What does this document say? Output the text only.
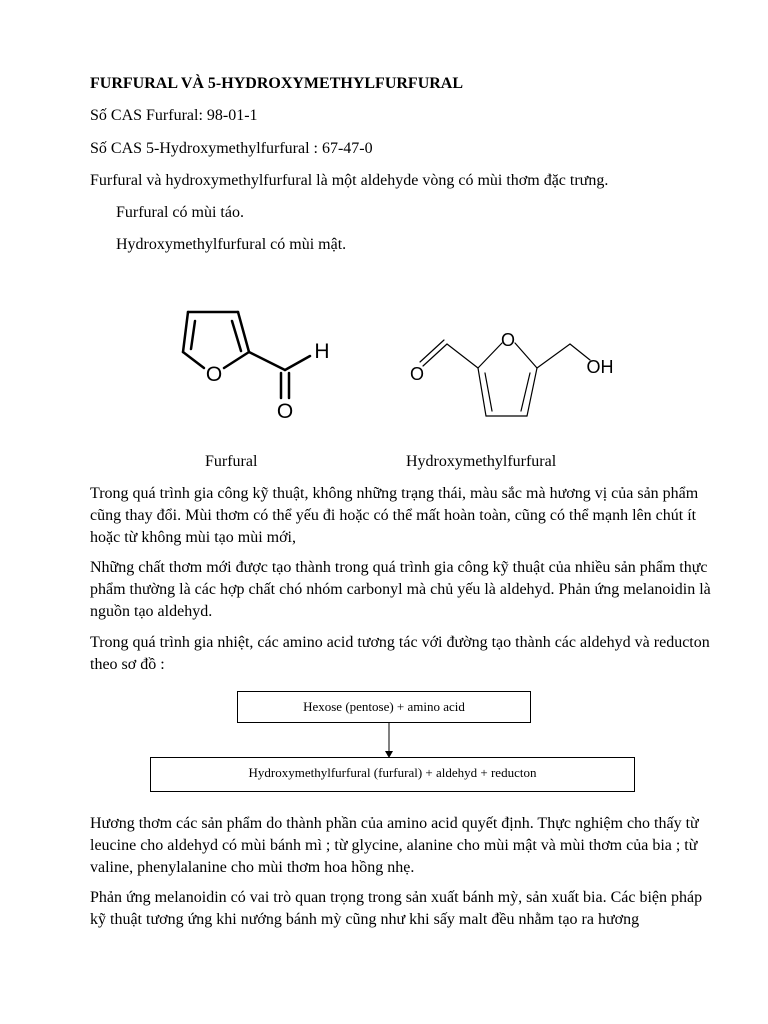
FURFURAL VÀ 5-HYDROXYMETHYLFURFURAL
Số CAS Furfural: 98-01-1
Số CAS 5-Hydroxymethylfurfural : 67-47-0
Furfural và hydroxymethylfurfural là một aldehyde vòng có mùi thơm đặc trưng.
Furfural có mùi táo.
Hydroxymethylfurfural có mùi mật.
O
H
O
O
O	OH
Furfural	Hydroxymethylfurfural
Trong quá trình gia công kỹ thuật, không những trạng thái, màu sắc mà hương vị của sản phẩm cũng thay đổi. Mùi thơm có thể yếu đi hoặc có thể mất hoàn toàn, cũng có thể mạnh lên chút ít hoặc từ không mùi tạo mùi mới,
Những chất thơm mới được tạo thành trong quá trình gia công kỹ thuật của nhiều sản phẩm thực phẩm thường là các hợp chất chó nhóm carbonyl mà chủ yếu là aldehyd. Phản ứng melanoidin là nguồn tạo aldehyd.
Trong quá trình gia nhiệt, các amino acid tương tác với đường tạo thành các aldehyd và reducton theo sơ đồ :
Hexose (pentose) + amino acid
Hydroxymethylfurfural (furfural) + aldehyd + reducton
Hương thơm các sản phẩm do thành phần của amino acid quyết định. Thực nghiệm cho thấy từ leucine cho aldehyd có mùi bánh mì ; từ glycine, alanine cho mùi mật và mùi thơm của bia ; từ valine, phenylalanine cho mùi thơm hoa hồng nhẹ.
Phản ứng melanoidin có vai trò quan trọng trong sản xuất bánh mỳ, sản xuất bia. Các biện pháp kỹ thuật tương ứng khi nướng bánh mỳ cũng như khi sấy malt đều nhằm tạo ra hương
